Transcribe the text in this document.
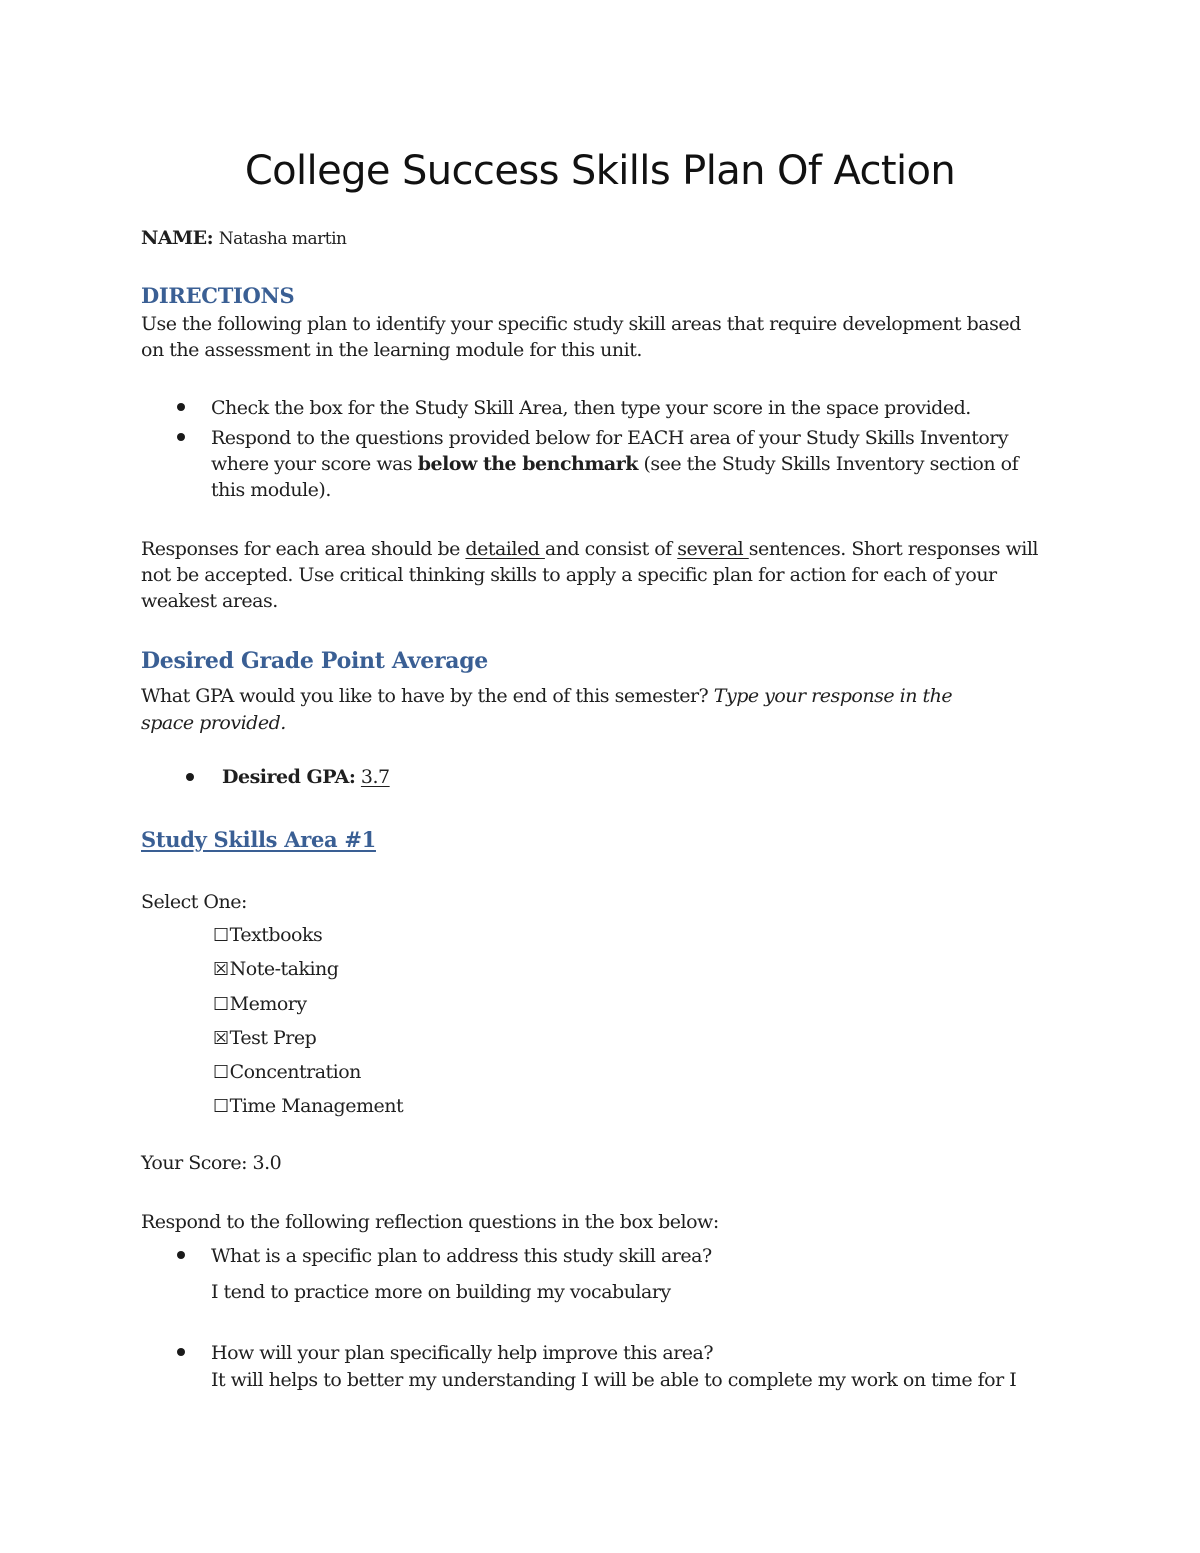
College Success Skills Plan Of Action
NAME: Natasha martin
DIRECTIONS
Use the following plan to identify your specific study skill areas that require development based
on the assessment in the learning module for this unit.
Check the box for the Study Skill Area, then type your score in the space provided.
Respond to the questions provided below for EACH area of your Study Skills Inventory
where your score was below the benchmark (see the Study Skills Inventory section of
this module).
Responses for each area should be detailed and consist of several sentences. Short responses will
not be accepted. Use critical thinking skills to apply a specific plan for action for each of your
weakest areas.
Desired Grade Point Average
What GPA would you like to have by the end of this semester? Type your response in the
space provided.
Desired GPA: 3.7
Study Skills Area #1
Select One:
☐Textbooks
☒Note-taking
☐Memory
☒Test Prep
☐Concentration
☐Time Management
Your Score: 3.0
Respond to the following reflection questions in the box below:
What is a specific plan to address this study skill area?
I tend to practice more on building my vocabulary
How will your plan specifically help improve this area?
It will helps to better my understanding I will be able to complete my work on time for I
